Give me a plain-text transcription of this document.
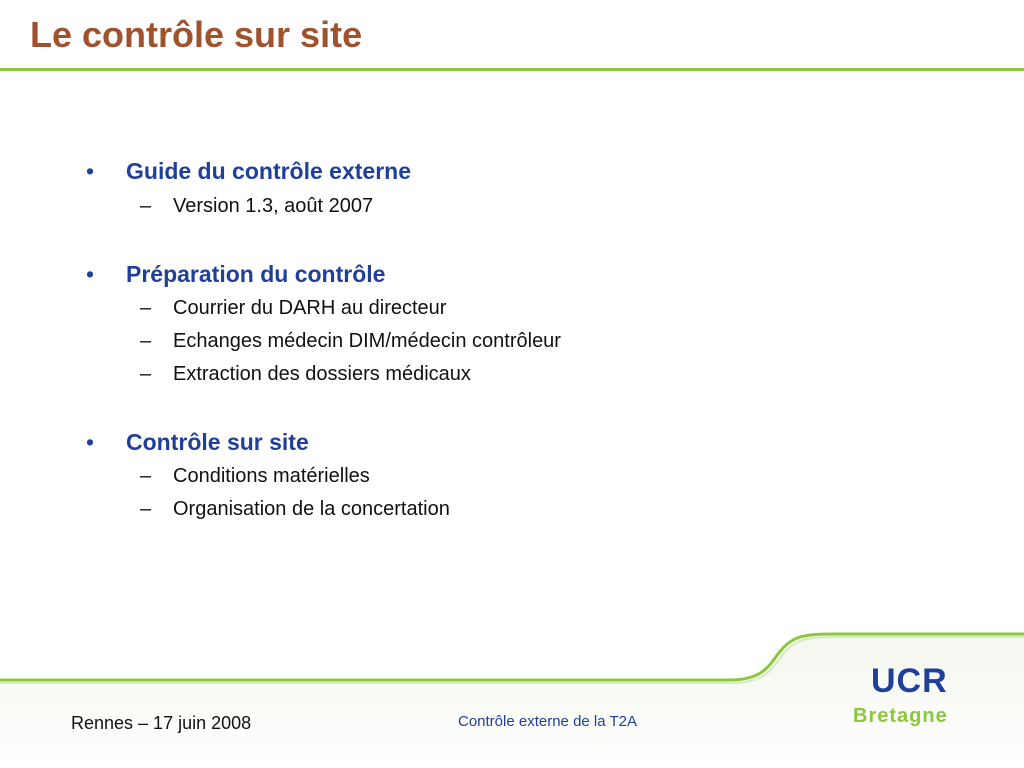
Le contrôle sur site
•	Guide du contrôle externe
–	Version 1.3, août 2007
•	Préparation du contrôle
–	Courrier du DARH au directeur
–	Echanges médecin DIM/médecin contrôleur
–	Extraction des dossiers médicaux
•	Contrôle sur site
–	Conditions matérielles
–	Organisation de la concertation
Rennes – 17 juin 2008	Contrôle externe de la T2A
UCR
Bretagne
